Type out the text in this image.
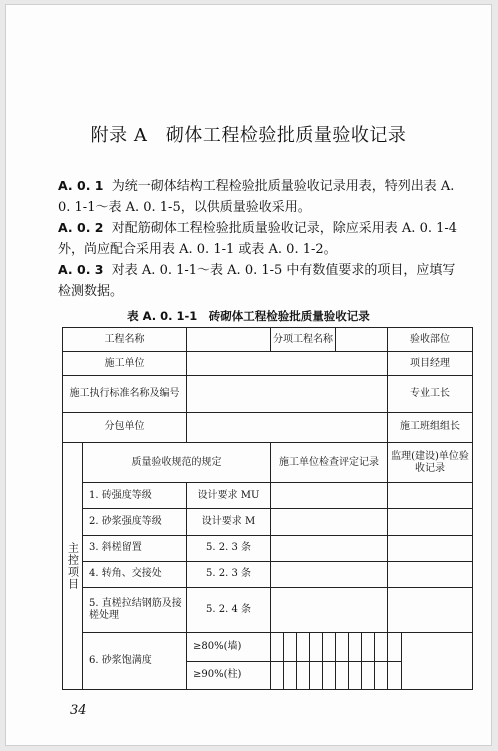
附录 A　砌体工程检验批质量验收记录
A. 0. 1 为统一砌体结构工程检验批质量验收记录用表，特列出表 A. 0. 1-1～表 A. 0. 1-5，以供质量验收采用。
A. 0. 2 对配筋砌体工程检验批质量验收记录，除应采用表 A. 0. 1-4 外，尚应配合采用表 A. 0. 1-1 或表 A. 0. 1-2。
A. 0. 3 对表 A. 0. 1-1～表 A. 0. 1-5 中有数值要求的项目，应填写检测数据。
表 A. 0. 1-1　砖砌体工程检验批质量验收记录
工程名称			分项工程名称									验收部位	
施工单位												项目经理	
施工执行标准名称及编号												专业工长	
分包单位												施工班组组长	

主控项目	质量验收规范的规定		施工单位检查评定记录									监理(建设)单位验收记录	
	1. 砖强度等级	设计要求 MU											
	2. 砂浆强度等级	设计要求 M											
	3. 斜槎留置	5. 2. 3 条											
	4. 转角、交接处	5. 2. 3 条											
	5. 直槎拉结钢筋及接槎处理	5. 2. 4 条											
	6. 砂浆饱满度	≥80%(墙)											
		≥90%(柱)											
34
